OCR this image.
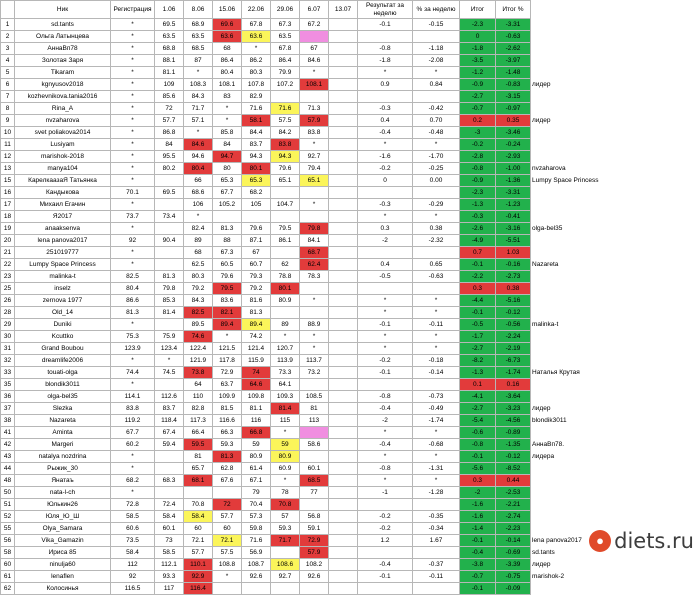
	Ник	Регистрация	1.06	8.06	15.06	22.06	29.06	6.07	13.07	Результат за неделю	% за неделю	Итог	Итог %	
1	sd.tants	*	69.5	68.9	69.6	67.8	67.3	67.2		-0.1	-0.15	-2.3	-3.31	
2	Ольга Латынцева	*	63.5	63.5	63.6	63.6	63.5					0	-0.63	
3	АннаВп78	*	68.8	68.5	68	*	67.8	67		-0.8	-1.18	-1.8	-2.62	
4	Золотая Заря	*	88.1	87	86.4	86.2	86.4	84.6		-1.8	-2.08	-3.5	-3.97	
5	Tikaram	*	81.1	*	80.4	80.3	79.9	*		*	*	-1.2	-1.48	
6	kgnyusov2018	*	109	108.3	108.1	107.8	107.2	108.1		0.9	0.84	-0.9	-0.83	лидер
7	kozhevnikova.tania2016	*	85.6	84.3	83	82.9						-2.7	-3.15	
8	Rina_A	*	72	71.7	*	71.6	71.6	71.3		-0.3	-0.42	-0.7	-0.97	
9	nvzaharova	*	57.7	57.1	*	58.1	57.5	57.9		0.4	0.70	0.2	0.35	лидер
10	svet poliakova2014	*	86.8	*	85.8	84.4	84.2	83.8		-0.4	-0.48	-3	-3.46	
11	Lusiyam	*	84	84.6	84	83.7	83.8	*		*	*	-0.2	-0.24	
12	marishok-2018	*	95.5	94.6	94.7	94.3	94.3	92.7		-1.6	-1.70	-2.8	-2.93	
13	manya104	*	80.2	80.4	80	80.1	79.6	79.4		-0.2	-0.25	-0.8	-1.00	nvzaharova
15	КарелкаазаЯ Татьянка	*		66	65.3	65.3	65.1	65.1		0	0.00	-0.9	-1.36	Lumpy Space Princess
16	Кандыкова	70.1	69.5	68.6	67.7	68.2						-2.3	-3.31	
17	Михаил Егачин	*		106	105.2	105	104.7	*		-0.3	-0.29	-1.3	-1.23	
18	Я2017	73.7	73.4	*						*	*	-0.3	-0.41	
19	anaaksenva	*		82.4	81.3	79.6	79.5	79.8		0.3	0.38	-2.6	-3.16	olga-bel35
20	lena panova2017	92	90.4	89	88	87.1	86.1	84.1		-2	-2.32	-4.9	-5.51	
21	251019777	*		68	67.3	67		68.7				0.7	1.03	
22	Lumpy Space Princess	*		62.5	60.5	60.7	62	62.4		0.4	0.65	-0.1	-0.16	Nazareta
23	malinka-t	82.5	81.3	80.3	79.6	79.3	78.8	78.3		-0.5	-0.63	-2.2	-2.73	
25	inselz	80.4	79.8	79.2	79.5	79.2	80.1					0.3	0.38	
26	zernova 1977	86.6	85.3	84.3	83.6	81.6	80.9	*		*	*	-4.4	-5.16	
28	Old_14	81.3	81.4	82.5	82.1	81.3				*	*	-0.1	-0.12	
29	Duniki	*		89.5	89.4	89.4	89	88.9		-0.1	-0.11	-0.5	-0.56	malinka-t
30	Kcuttko	75.3	75.9	74.6	*	74.2	*	*		*	*	-1.7	-2.24	
31	Grand Boubou	123.9	123.4	122.4	121.5	121.4	120.7	*		*	*	-2.7	-2.19	
32	dreamlife2006	*	*	121.9	117.8	115.9	113.9	113.7		-0.2	-0.18	-8.2	-6.73	
33	touati-olga	74.4	74.5	73.8	72.9	74	73.3	73.2		-0.1	-0.14	-1.3	-1.74	Наталья Крутая
35	blondik3011	*		64	63.7	64.6	64.1					0.1	0.16	
36	olga-bel35	114.1	112.6	110	109.9	109.8	109.3	108.5		-0.8	-0.73	-4.1	-3.64	
37	Slezka	83.8	83.7	82.8	81.5	81.1	81.4	81		-0.4	-0.49	-2.7	-3.23	лидер
38	Nazareta	119.2	118.4	117.3	116.6	116	115	113		-2	-1.74	-5.4	-4.56	blondik3011
41	Aminta	67.7	67.4	66.4	66.3	66.8	*			*	*	-0.6	-0.89	
42	Margeri	60.2	59.4	59.5	59.3	59	59	58.6		-0.4	-0.68	-0.8	-1.35	АннаВп78.
43	natalya nozdrina	*		81	81.3	80.9	80.9			*	*	-0.1	-0.12	лидера
44	Рыжик_30	*		65.7	62.8	61.4	60.9	60.1		-0.8	-1.31	-5.6	-8.52	
48	Янатаъ	68.2	68.3	68.1	67.6	67.1	*	68.5		*	*	0.3	0.44	
50	nata-l-ch	*				79	78	77		-1	-1.28	-2	-2.53	
51	Юлькин26	72.8	72.4	70.8	72	70.4	70.8					-1.6	-2.21	
52	Юля_Ю_Ш	58.5	58.4	58.4	57.7	57.3	57	56.8		-0.2	-0.35	-1.6	-2.74	
55	Olya_Samara	60.6	60.1	60	60	59.8	59.3	59.1		-0.2	-0.34	-1.4	-2.23	
56	Vika_Gamazin	73.5	73	72.1	72.1	71.6	71.7	72.9		1.2	1.67	-0.1	-0.14	lena panova2017
58	Ириса 85	58.4	58.5	57.7	57.5	56.9		57.9				-0.4	-0.69	sd.tants
60	ninulja60	112	112.1	110.1	108.8	108.7	108.6	108.2		-0.4	-0.37	-3.8	-3.39	лидер
61	lenaflen	92	93.3	92.9	*	92.6	92.7	92.6		-0.1	-0.11	-0.7	-0.75	marishok-2
62	Колосинья	116.5	117	116.4								-0.1	-0.09	
● diets.ru
